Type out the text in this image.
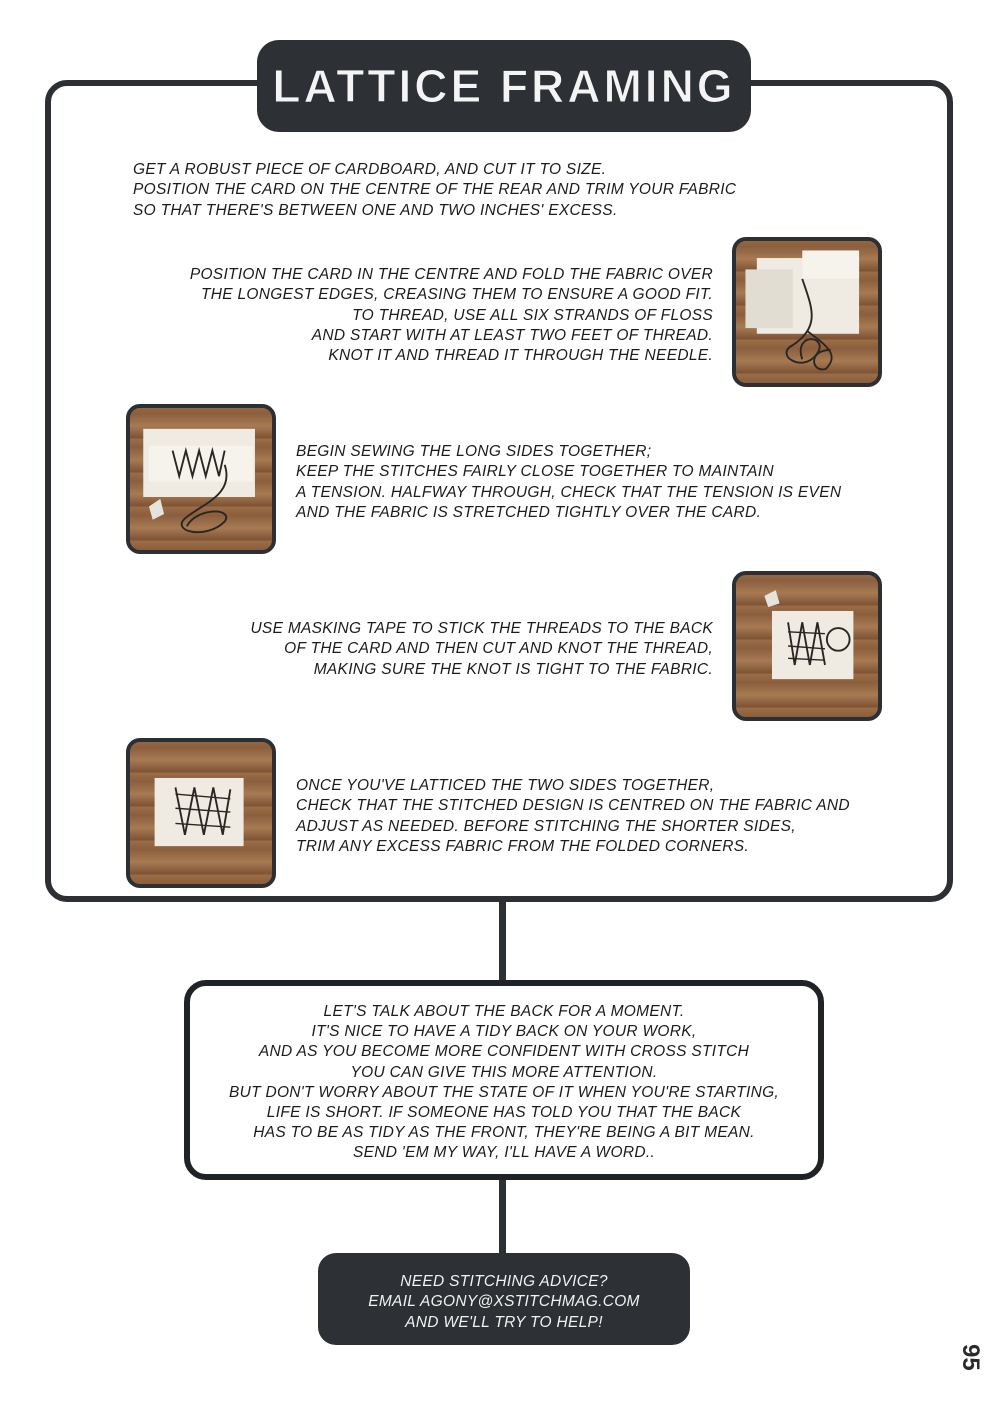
LATTICE FRAMING
GET A ROBUST PIECE OF CARDBOARD, AND CUT IT TO SIZE.
POSITION THE CARD ON THE CENTRE OF THE REAR AND TRIM YOUR FABRIC
SO THAT THERE'S BETWEEN ONE AND TWO INCHES' EXCESS.
POSITION THE CARD IN THE CENTRE AND FOLD THE FABRIC OVER
THE LONGEST EDGES, CREASING THEM TO ENSURE A GOOD FIT.
TO THREAD, USE ALL SIX STRANDS OF FLOSS
AND START WITH AT LEAST TWO FEET OF THREAD.
KNOT IT AND THREAD IT THROUGH THE NEEDLE.
BEGIN SEWING THE LONG SIDES TOGETHER;
KEEP THE STITCHES FAIRLY CLOSE TOGETHER TO MAINTAIN
A TENSION. HALFWAY THROUGH, CHECK THAT THE TENSION IS EVEN
AND THE FABRIC IS STRETCHED TIGHTLY OVER THE CARD.
USE MASKING TAPE TO STICK THE THREADS TO THE BACK
OF THE CARD AND THEN CUT AND KNOT THE THREAD,
MAKING SURE THE KNOT IS TIGHT TO THE FABRIC.
ONCE YOU'VE LATTICED THE TWO SIDES TOGETHER,
CHECK THAT THE STITCHED DESIGN IS CENTRED ON THE FABRIC AND
ADJUST AS NEEDED. BEFORE STITCHING THE SHORTER SIDES,
TRIM ANY EXCESS FABRIC FROM THE FOLDED CORNERS.
LET'S TALK ABOUT THE BACK FOR A MOMENT.
IT'S NICE TO HAVE A TIDY BACK ON YOUR WORK,
AND AS YOU BECOME MORE CONFIDENT WITH CROSS STITCH
YOU CAN GIVE THIS MORE ATTENTION.
BUT DON'T WORRY ABOUT THE STATE OF IT WHEN YOU'RE STARTING,
LIFE IS SHORT. IF SOMEONE HAS TOLD YOU THAT THE BACK
HAS TO BE AS TIDY AS THE FRONT, THEY'RE BEING A BIT MEAN.
SEND 'EM MY WAY, I'LL HAVE A WORD..
NEED STITCHING ADVICE?
EMAIL AGONY@XSTITCHMAG.COM
AND WE'LL TRY TO HELP!
95
